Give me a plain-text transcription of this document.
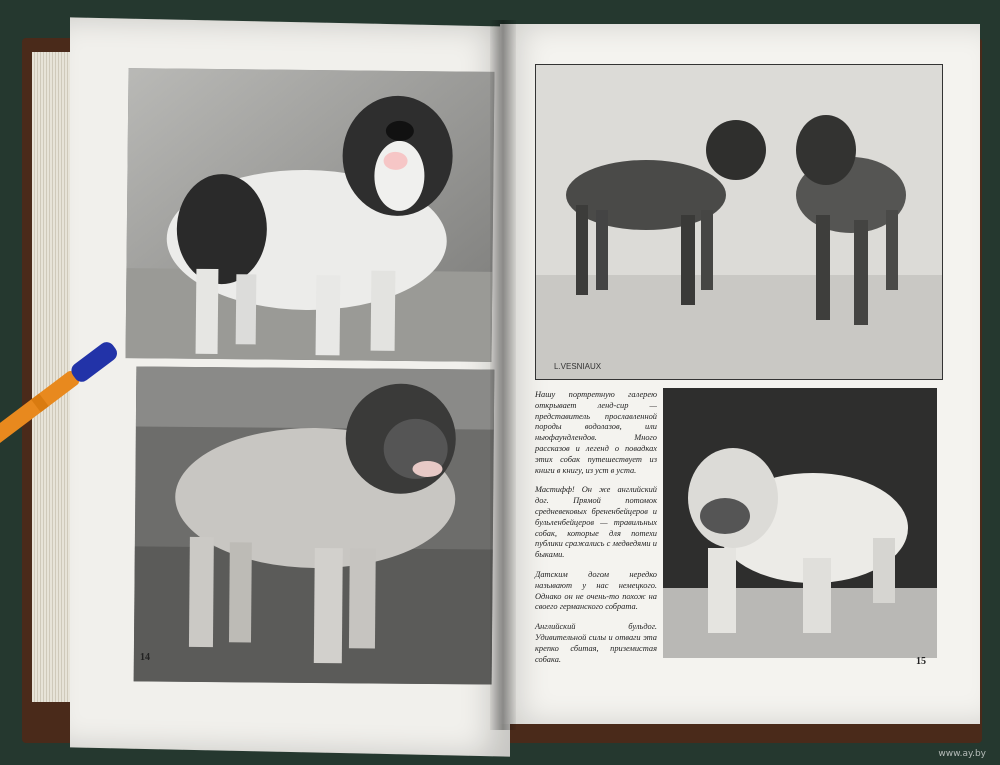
14
L.VESNIAUX

Нашу портретную галерею открывает ленд-сир — представитель прославленной породы водолазов, или ньюфаундлендов. Много рассказов и легенд о повадках этих собак путешествует из книги в книгу, из уст в уста.

Мастифф! Он же английский дог. Прямой потомок средневековых брененбейцеров и бульленбейцеров — травильных собак, которые для потехи публики сражались с медведями и быками.

Датским догом нередко называют у нас немецкого. Однако он не очень-то похож на своего германского собрата.

Английский бульдог. Удивительной силы и отваги эта крепко сбитая, приземистая собака.	15
www.ay.by
